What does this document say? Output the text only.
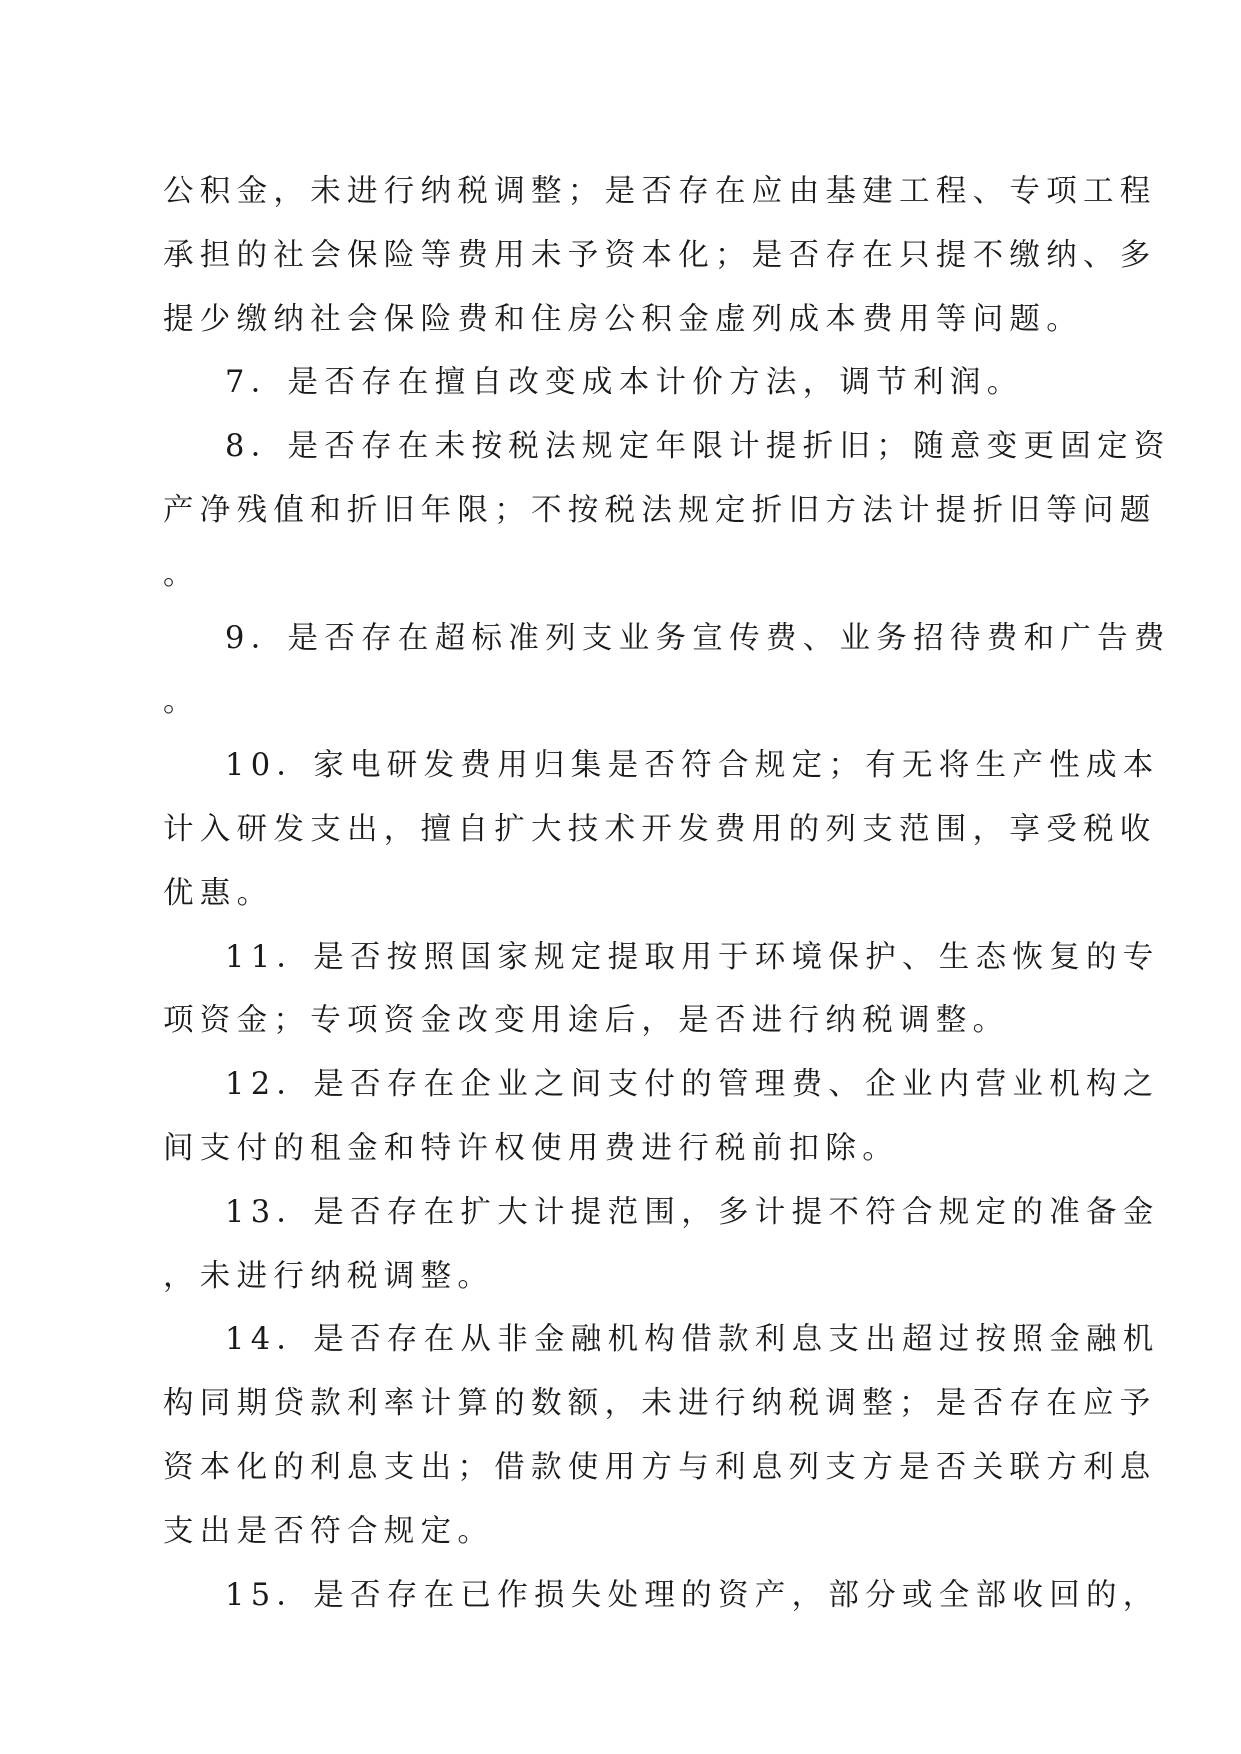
公积金，未进行纳税调整；是否存在应由基建工程、专项工程
承担的社会保险等费用未予资本化；是否存在只提不缴纳、多
提少缴纳社会保险费和住房公积金虚列成本费用等问题。

7．是否存在擅自改变成本计价方法，调节利润。

8．是否存在未按税法规定年限计提折旧；随意变更固定资
产净残值和折旧年限；不按税法规定折旧方法计提折旧等问题
。

9．是否存在超标准列支业务宣传费、业务招待费和广告费
。

10．家电研发费用归集是否符合规定；有无将生产性成本
计入研发支出，擅自扩大技术开发费用的列支范围，享受税收
优惠。

11．是否按照国家规定提取用于环境保护、生态恢复的专
项资金；专项资金改变用途后，是否进行纳税调整。

12．是否存在企业之间支付的管理费、企业内营业机构之
间支付的租金和特许权使用费进行税前扣除。

13．是否存在扩大计提范围，多计提不符合规定的准备金
，未进行纳税调整。

14．是否存在从非金融机构借款利息支出超过按照金融机
构同期贷款利率计算的数额，未进行纳税调整；是否存在应予
资本化的利息支出；借款使用方与利息列支方是否关联方利息
支出是否符合规定。

15．是否存在已作损失处理的资产，部分或全部收回的，
